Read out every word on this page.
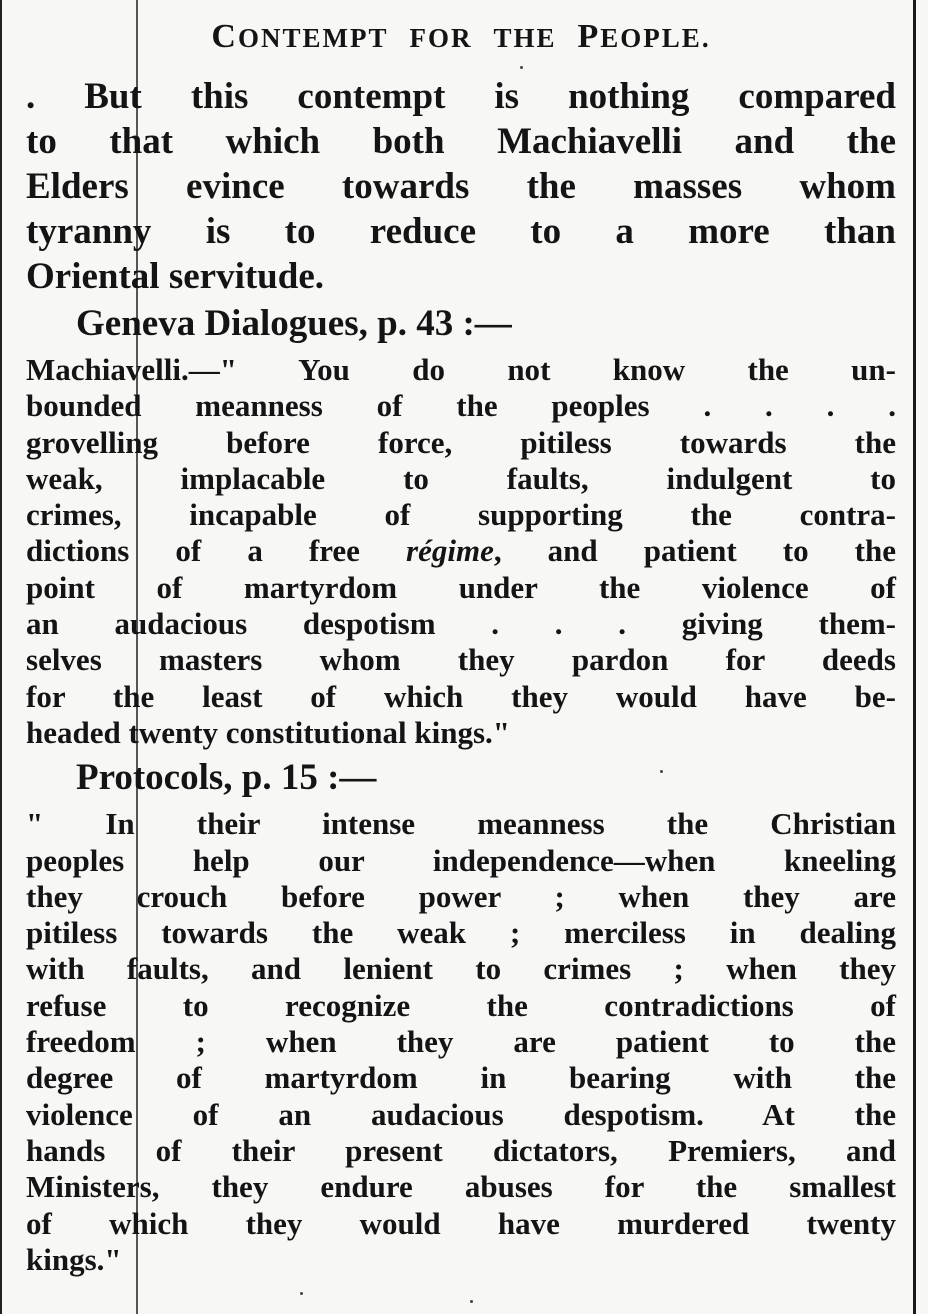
CONTEMPT FOR THE PEOPLE.
. But this contempt is nothing compared
to that which both Machiavelli and the
Elders evince towards the masses whom
tyranny is to reduce to a more than
Oriental servitude.
Geneva Dialogues, p. 43 :—
Machiavelli.—" You do not know the un-
bounded meanness of the peoples . . . .
grovelling before force, pitiless towards the
weak, implacable to faults, indulgent to
crimes, incapable of supporting the contra-
dictions of a free régime, and patient to the
point of martyrdom under the violence of
an audacious despotism . . . giving them-
selves masters whom they pardon for deeds
for the least of which they would have be-
headed twenty constitutional kings."
Protocols, p. 15 :—
" In their intense meanness the Christian
peoples help our independence—when kneeling
they crouch before power ; when they are
pitiless towards the weak ; merciless in dealing
with faults, and lenient to crimes ; when they
refuse to recognize the contradictions of
freedom ; when they are patient to the
degree of martyrdom in bearing with the
violence of an audacious despotism. At the
hands of their present dictators, Premiers, and
Ministers, they endure abuses for the smallest
of which they would have murdered twenty
kings."
